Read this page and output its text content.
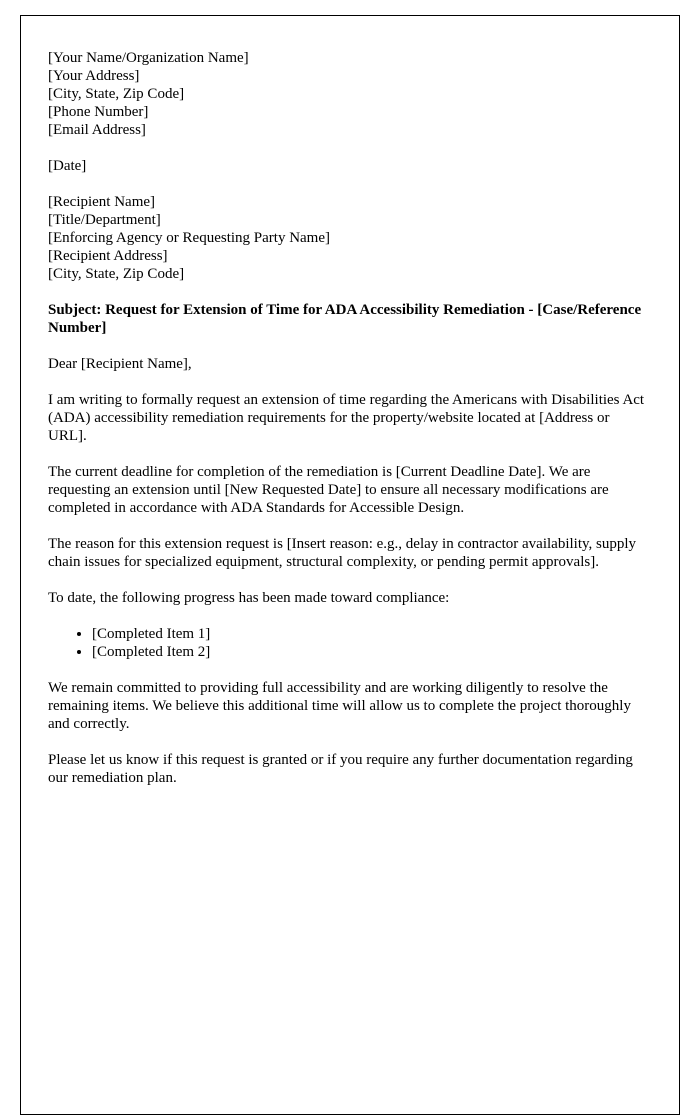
[Your Name/Organization Name]
[Your Address]
[City, State, Zip Code]
[Phone Number]
[Email Address]

[Date]

[Recipient Name]
[Title/Department]
[Enforcing Agency or Requesting Party Name]
[Recipient Address]
[City, State, Zip Code]

Subject: Request for Extension of Time for ADA Accessibility Remediation - [Case/Reference Number]

Dear [Recipient Name],

I am writing to formally request an extension of time regarding the Americans with Disabilities Act (ADA) accessibility remediation requirements for the property/website located at [Address or URL].

The current deadline for completion of the remediation is [Current Deadline Date]. We are requesting an extension until [New Requested Date] to ensure all necessary modifications are completed in accordance with ADA Standards for Accessible Design.

The reason for this extension request is [Insert reason: e.g., delay in contractor availability, supply chain issues for specialized equipment, structural complexity, or pending permit approvals].

To date, the following progress has been made toward compliance:

• [Completed Item 1]
• [Completed Item 2]

We remain committed to providing full accessibility and are working diligently to resolve the remaining items. We believe this additional time will allow us to complete the project thoroughly and correctly.

Please let us know if this request is granted or if you require any further documentation regarding our remediation plan.
